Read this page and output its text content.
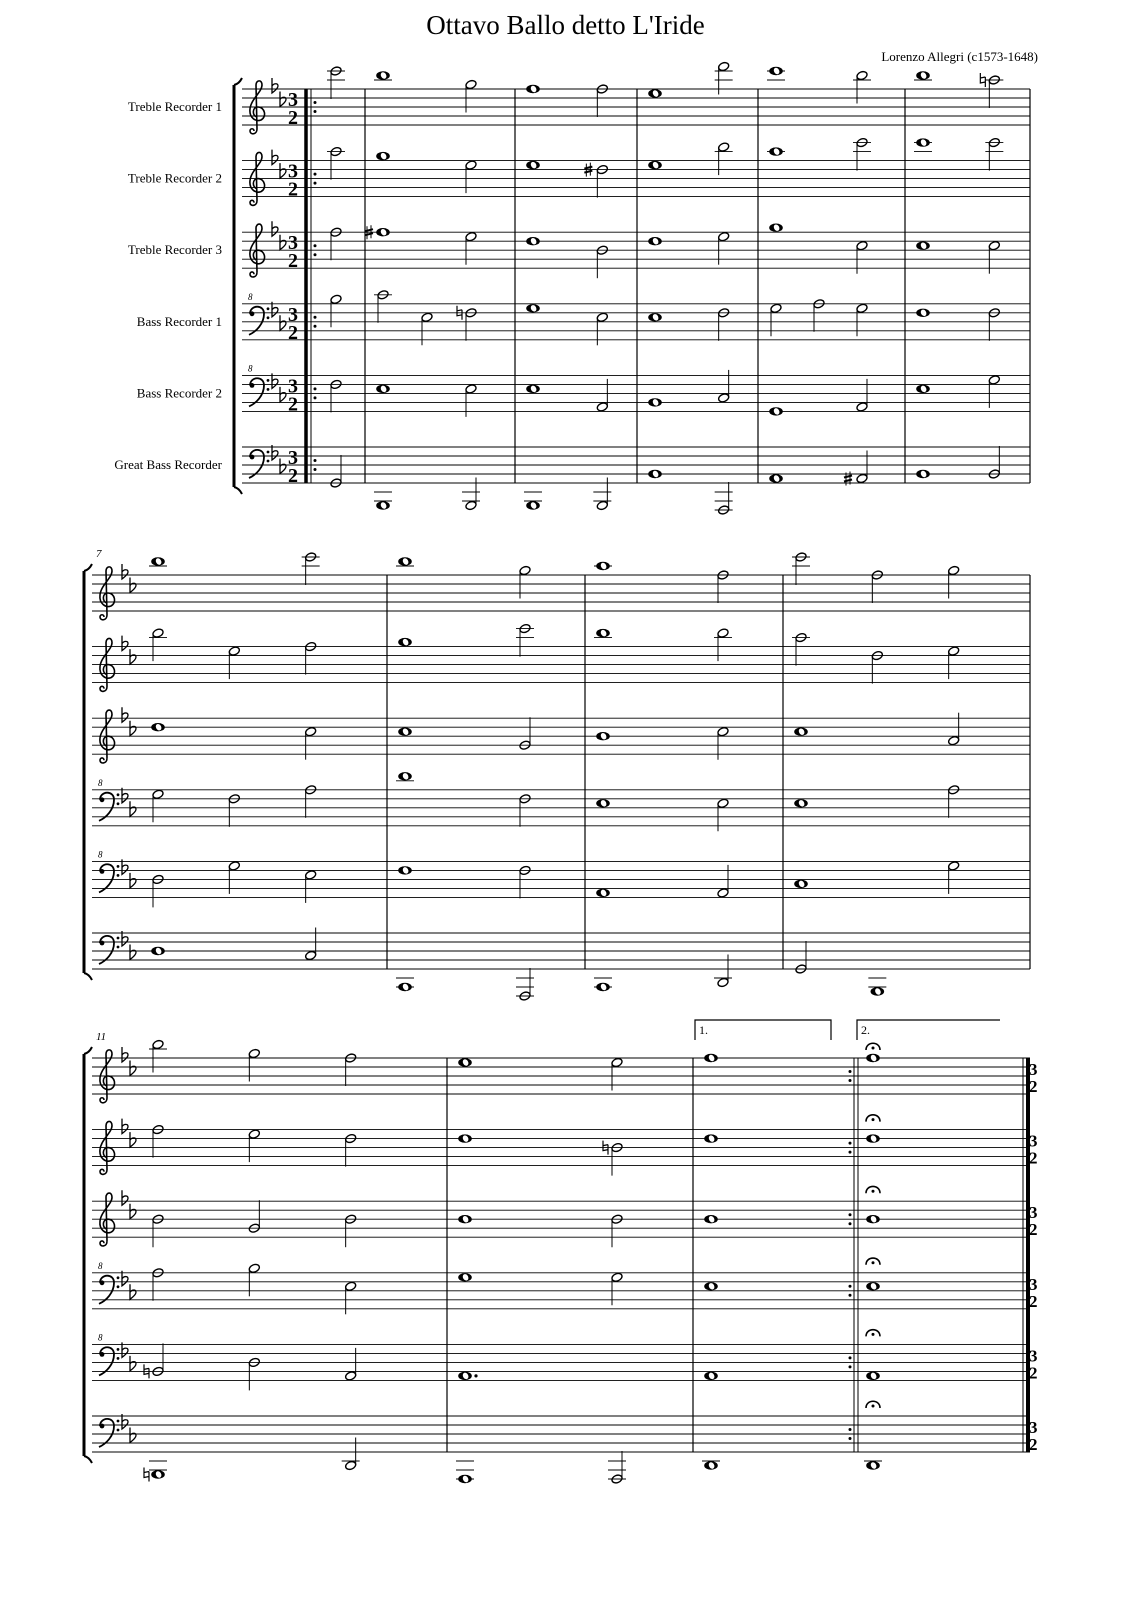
Ottavo Ballo detto L'Iride
Lorenzo Allegri (c1573-1648)
3
2
Treble Recorder 1
3
2
Treble Recorder 2
3
2
Treble Recorder 3
8
3
2
Bass Recorder 1
8
3
2
Bass Recorder 2
3
2
Great Bass Recorder
8
8
7
8
8
11	1.	2.
3
2
3
2
3
2
3
2
3
2
3
2
